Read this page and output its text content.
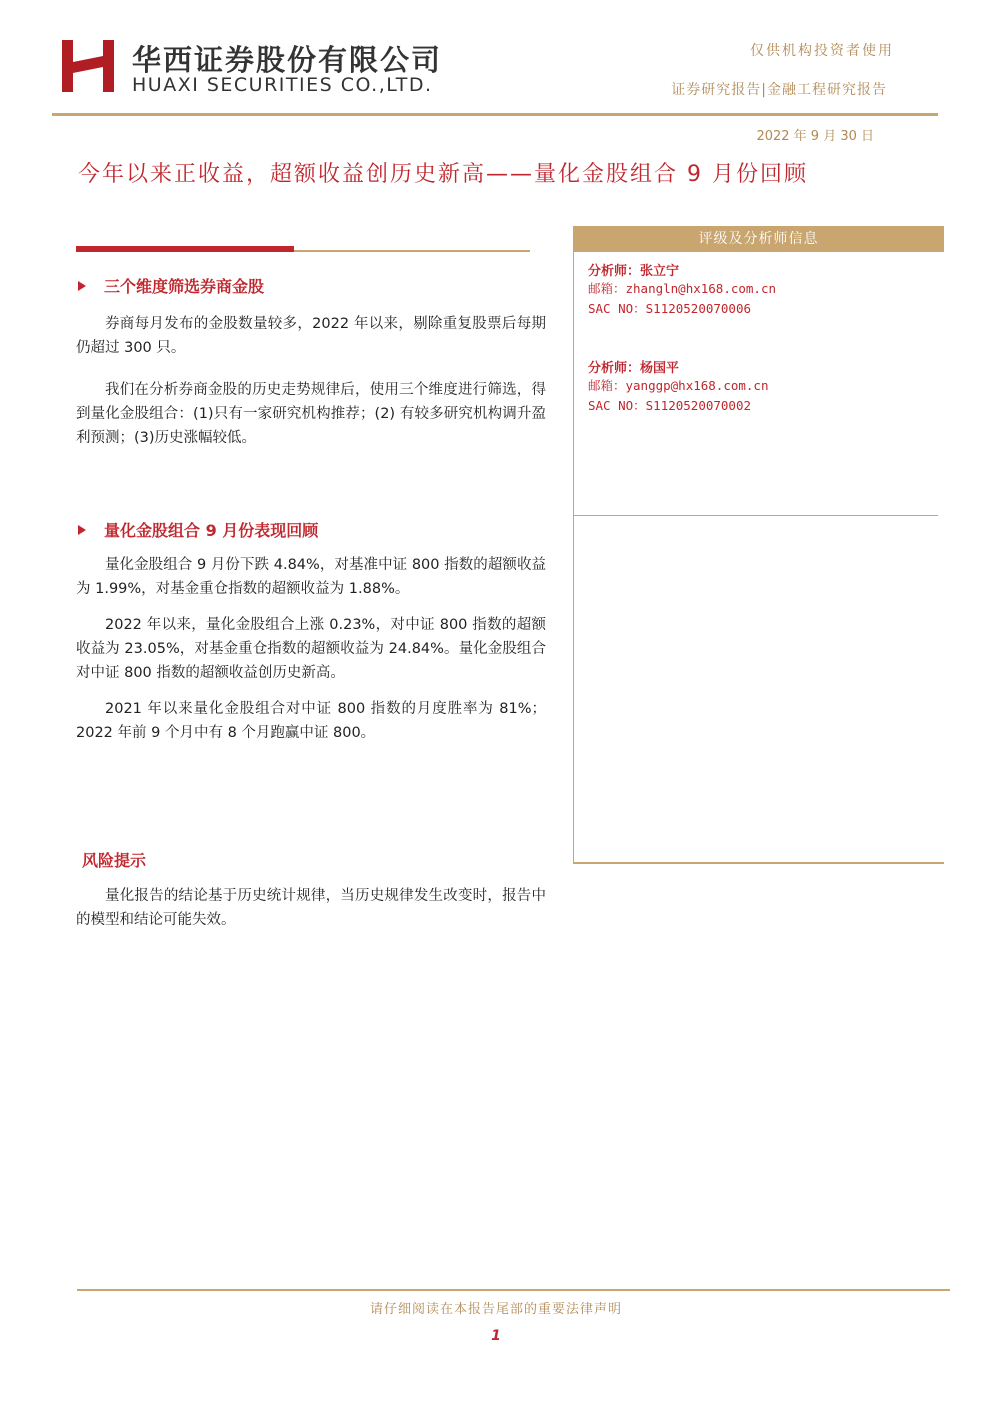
华西证券股份有限公司
HUAXI SECURITIES CO.,LTD.
仅供机构投资者使用
证券研究报告|金融工程研究报告
2022 年 9 月 30 日
今年以来正收益，超额收益创历史新高——量化金股组合 9 月份回顾
三个维度筛选券商金股

券商每月发布的金股数量较多，2022 年以来，剔除重复股票后每期仍超过 300 只。

我们在分析券商金股的历史走势规律后，使用三个维度进行筛选，得到量化金股组合：(1)只有一家研究机构推荐；(2) 有较多研究机构调升盈利预测；(3)历史涨幅较低。

量化金股组合 9 月份表现回顾

量化金股组合 9 月份下跌 4.84%，对基准中证 800 指数的超额收益为 1.99%，对基金重仓指数的超额收益为 1.88%。

2022 年以来，量化金股组合上涨 0.23%，对中证 800 指数的超额收益为 23.05%，对基金重仓指数的超额收益为 24.84%。量化金股组合对中证 800 指数的超额收益创历史新高。

2021 年以来量化金股组合对中证 800 指数的月度胜率为 81%；2022 年前 9 个月中有 8 个月跑赢中证 800。

风险提示

量化报告的结论基于历史统计规律，当历史规律发生改变时，报告中的模型和结论可能失效。

评级及分析师信息
分析师：张立宁
邮箱：zhangln@hx168.com.cn
SAC NO：S1120520070006
分析师：杨国平
邮箱：yanggp@hx168.com.cn
SAC NO：S1120520070002
请仔细阅读在本报告尾部的重要法律声明
1
